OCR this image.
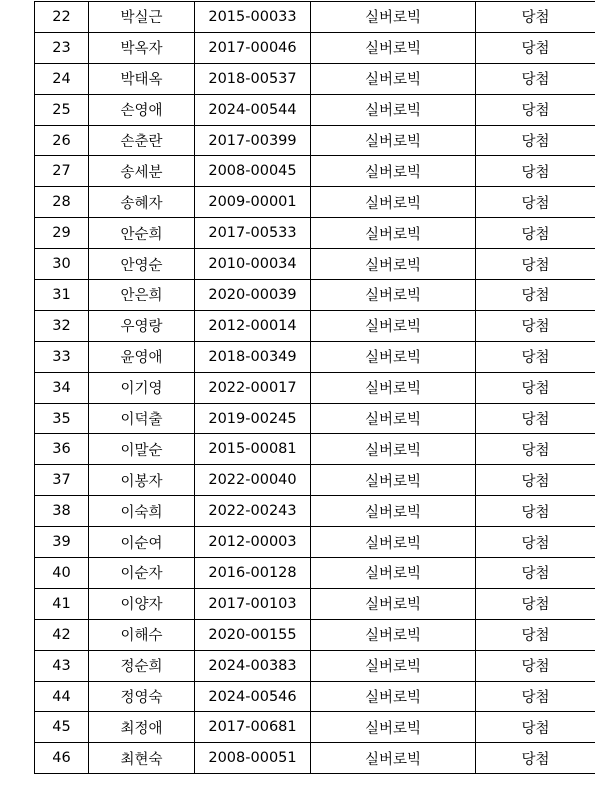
22	박실근	2015-00033	실버로빅	당첨
23	박옥자	2017-00046	실버로빅	당첨
24	박태옥	2018-00537	실버로빅	당첨
25	손영애	2024-00544	실버로빅	당첨
26	손춘란	2017-00399	실버로빅	당첨
27	송세분	2008-00045	실버로빅	당첨
28	송혜자	2009-00001	실버로빅	당첨
29	안순희	2017-00533	실버로빅	당첨
30	안영순	2010-00034	실버로빅	당첨
31	안은희	2020-00039	실버로빅	당첨
32	우영랑	2012-00014	실버로빅	당첨
33	윤영애	2018-00349	실버로빅	당첨
34	이기영	2022-00017	실버로빅	당첨
35	이덕출	2019-00245	실버로빅	당첨
36	이말순	2015-00081	실버로빅	당첨
37	이봉자	2022-00040	실버로빅	당첨
38	이숙희	2022-00243	실버로빅	당첨
39	이순여	2012-00003	실버로빅	당첨
40	이순자	2016-00128	실버로빅	당첨
41	이양자	2017-00103	실버로빅	당첨
42	이해수	2020-00155	실버로빅	당첨
43	정순희	2024-00383	실버로빅	당첨
44	정영숙	2024-00546	실버로빅	당첨
45	최정애	2017-00681	실버로빅	당첨
46	최현숙	2008-00051	실버로빅	당첨
